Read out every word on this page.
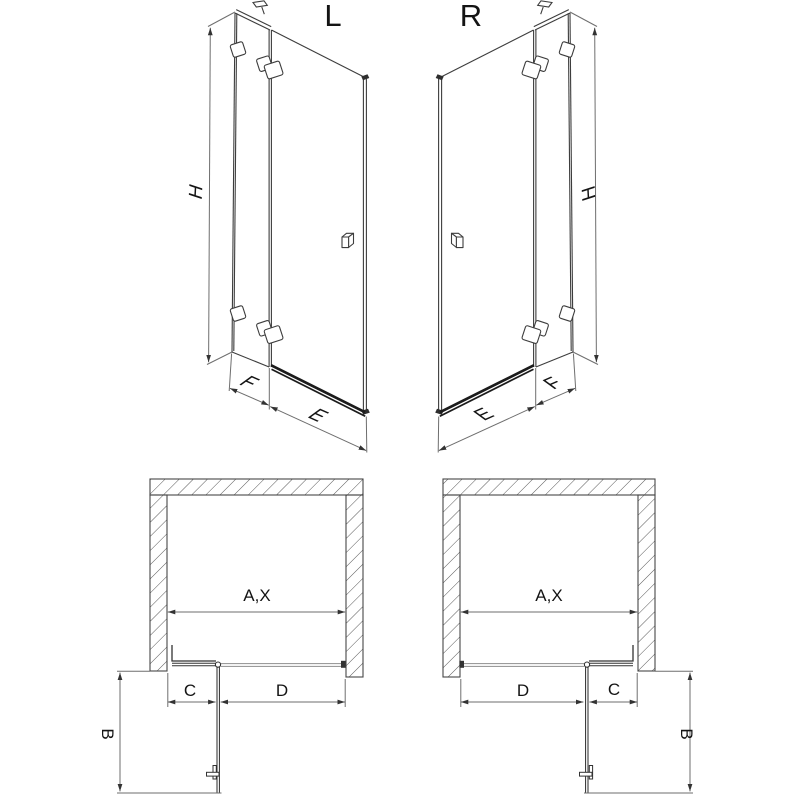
L	R
H
F
E
H
F
E
A,X
C	D
B
A,X
D	C
B
